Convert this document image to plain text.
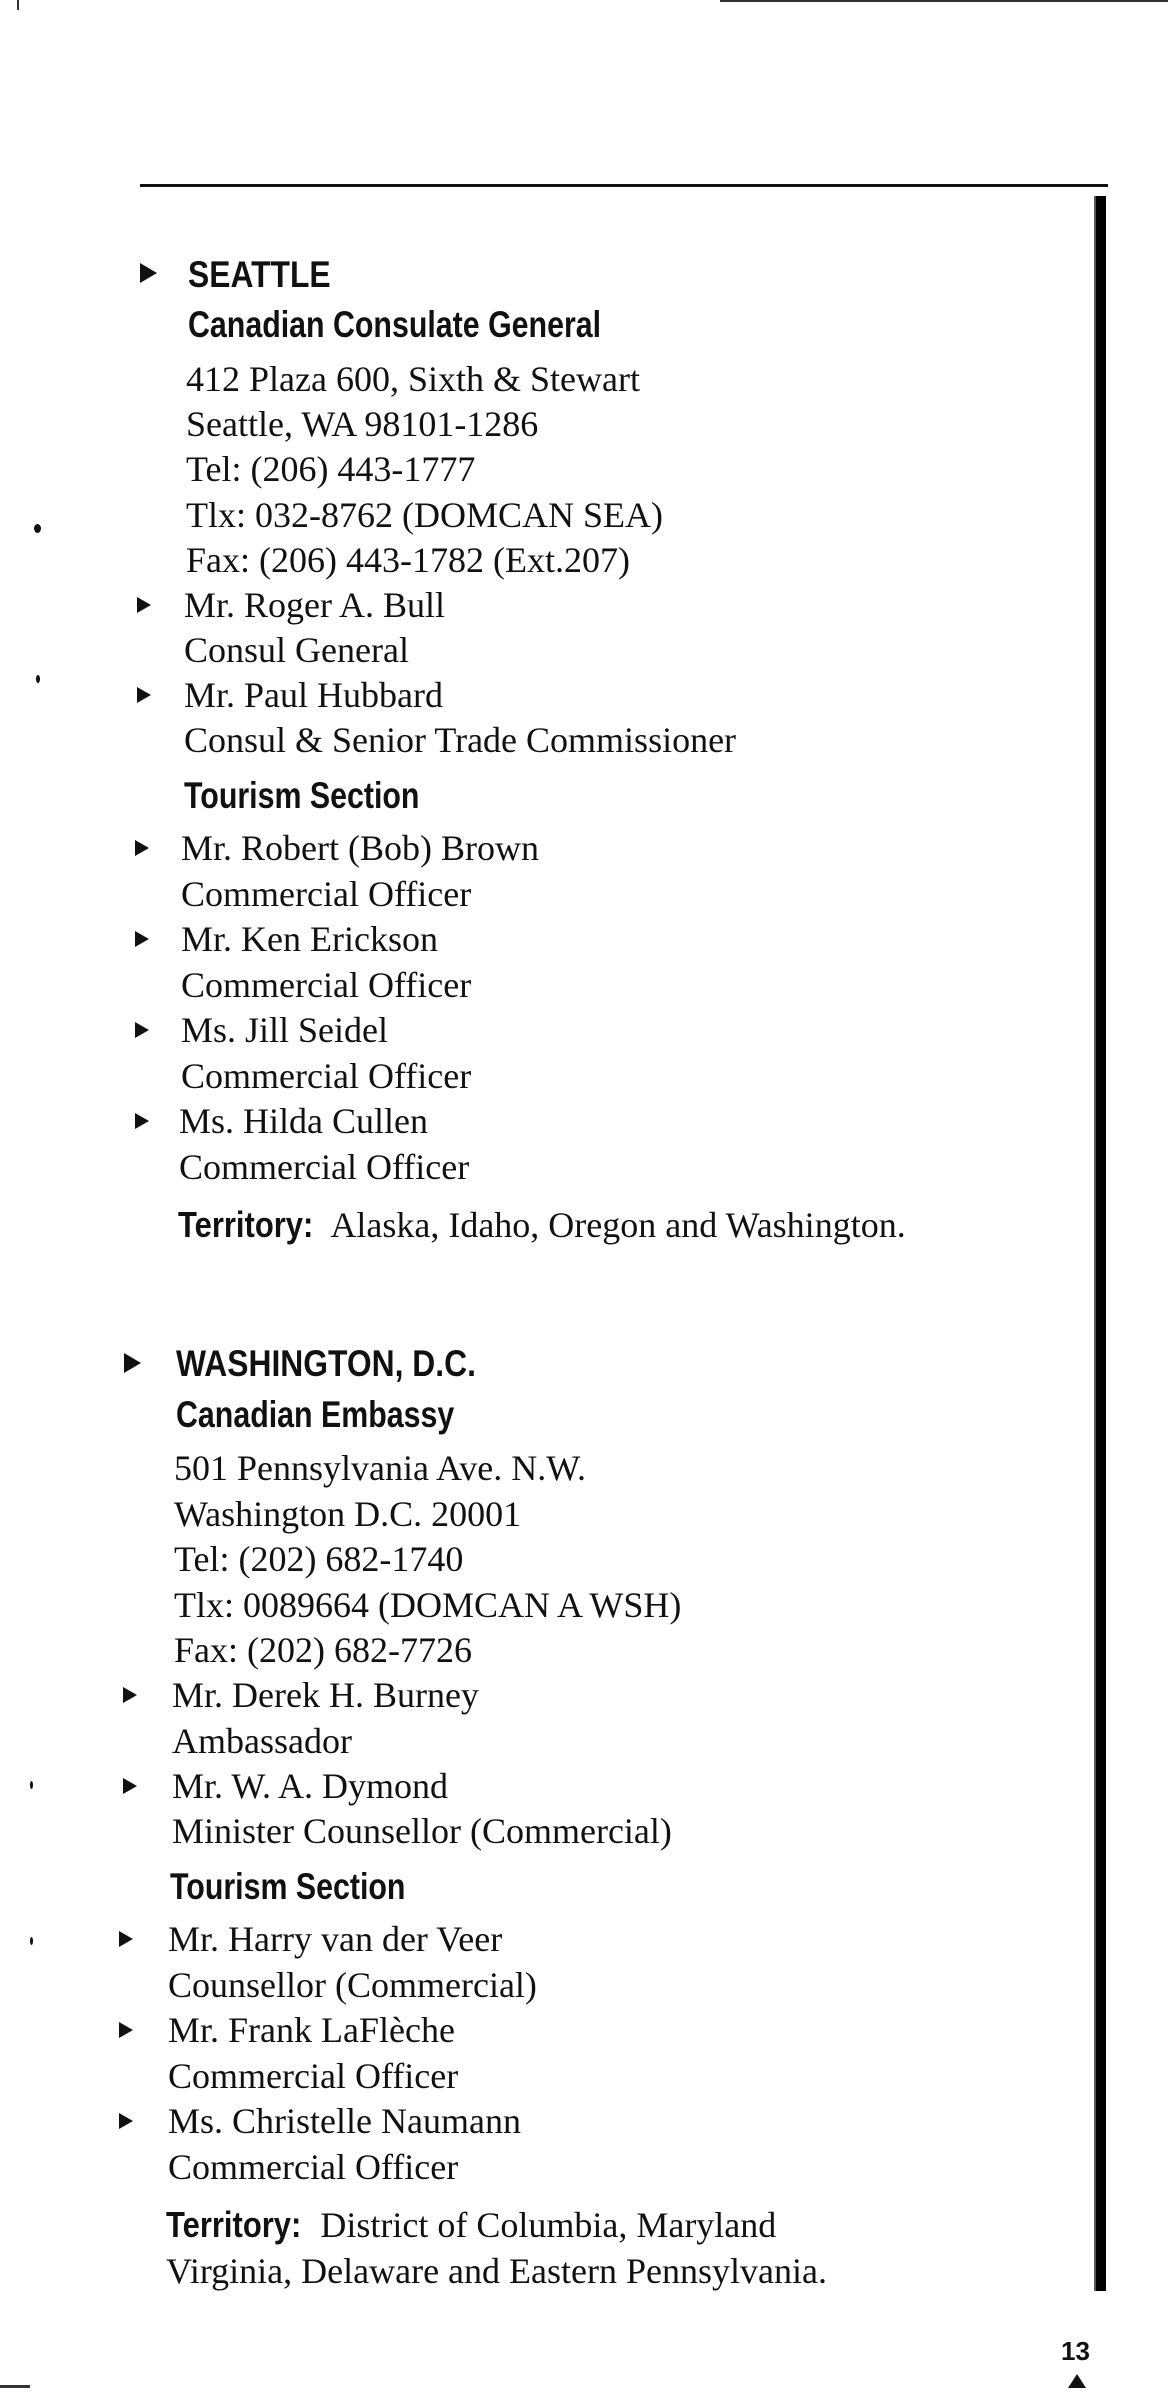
SEATTLE
Canadian Consulate General
412 Plaza 600, Sixth & Stewart
Seattle, WA 98101-1286
Tel: (206) 443-1777
Tlx: 032-8762 (DOMCAN SEA)
Fax: (206) 443-1782 (Ext.207)
Mr. Roger A. Bull
Consul General
Mr. Paul Hubbard
Consul & Senior Trade Commissioner
Tourism Section
Mr. Robert (Bob) Brown
Commercial Officer
Mr. Ken Erickson
Commercial Officer
Ms. Jill Seidel
Commercial Officer
Ms. Hilda Cullen
Commercial Officer
Territory: Alaska, Idaho, Oregon and Washington.
WASHINGTON, D.C.
Canadian Embassy
501 Pennsylvania Ave. N.W.
Washington D.C. 20001
Tel: (202) 682-1740
Tlx: 0089664 (DOMCAN A WSH)
Fax: (202) 682-7726
Mr. Derek H. Burney
Ambassador
Mr. W. A. Dymond
Minister Counsellor (Commercial)
Tourism Section
Mr. Harry van der Veer
Counsellor (Commercial)
Mr. Frank LaFlèche
Commercial Officer
Ms. Christelle Naumann
Commercial Officer
Territory: District of Columbia, Maryland
Virginia, Delaware and Eastern Pennsylvania.
13
